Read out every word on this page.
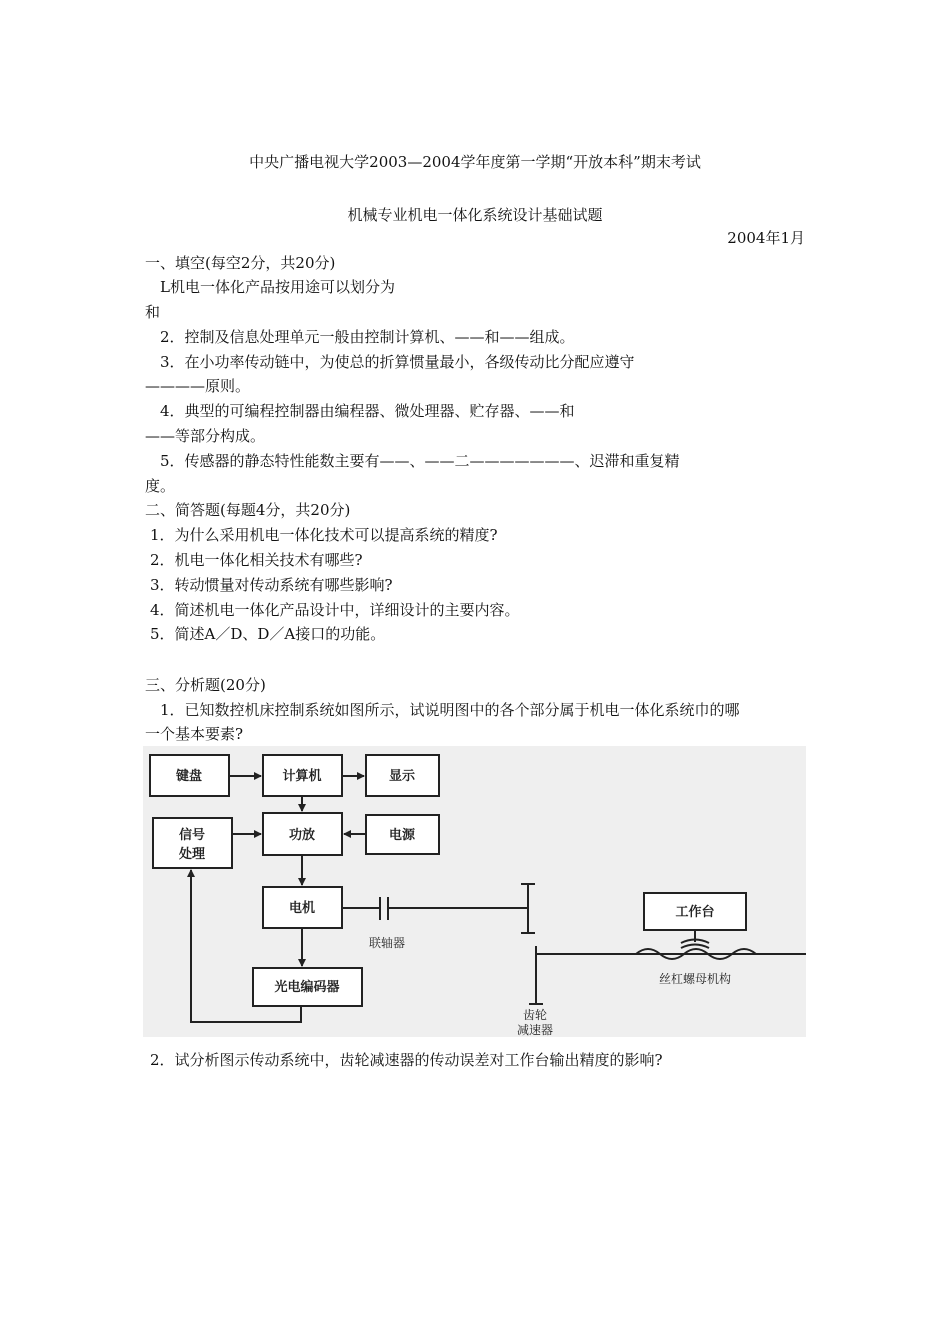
中央广播电视大学2003—2004学年度第一学期“开放本科”期末考试
机械专业机电一体化系统设计基础试题
2004年1月
一、填空(每空2分，共20分)
L机电一体化产品按用途可以划分为
和
2．控制及信息处理单元一般由控制计算机、——和——组成。
3．在小功率传动链中，为使总的折算惯量最小，各级传动比分配应遵守
————原则。
4．典型的可编程控制器由编程器、微处理器、贮存器、——和
——等部分构成。
5．传感器的静态特性能数主要有——、——二———————、迟滞和重复精
度。
二、简答题(每题4分，共20分)
1．为什么采用机电一体化技术可以提高系统的精度?
2．机电一体化相关技术有哪些?
3．转动惯量对传动系统有哪些影响?
4．简述机电一体化产品设计中，详细设计的主要内容。
5．简述A／D、D／A接口的功能。
三、分析题(20分)
1．已知数控机床控制系统如图所示，试说明图中的各个部分属于机电一体化系统巾的哪
一个基本要素?
键盘	计算机	显示
信号
处理
功放	电源
电机
光电编码器
工作台
联轴器
齿轮
减速器
丝杠螺母机构
2．试分析图示传动系统中，齿轮减速器的传动误差对工作台输出精度的影响?
